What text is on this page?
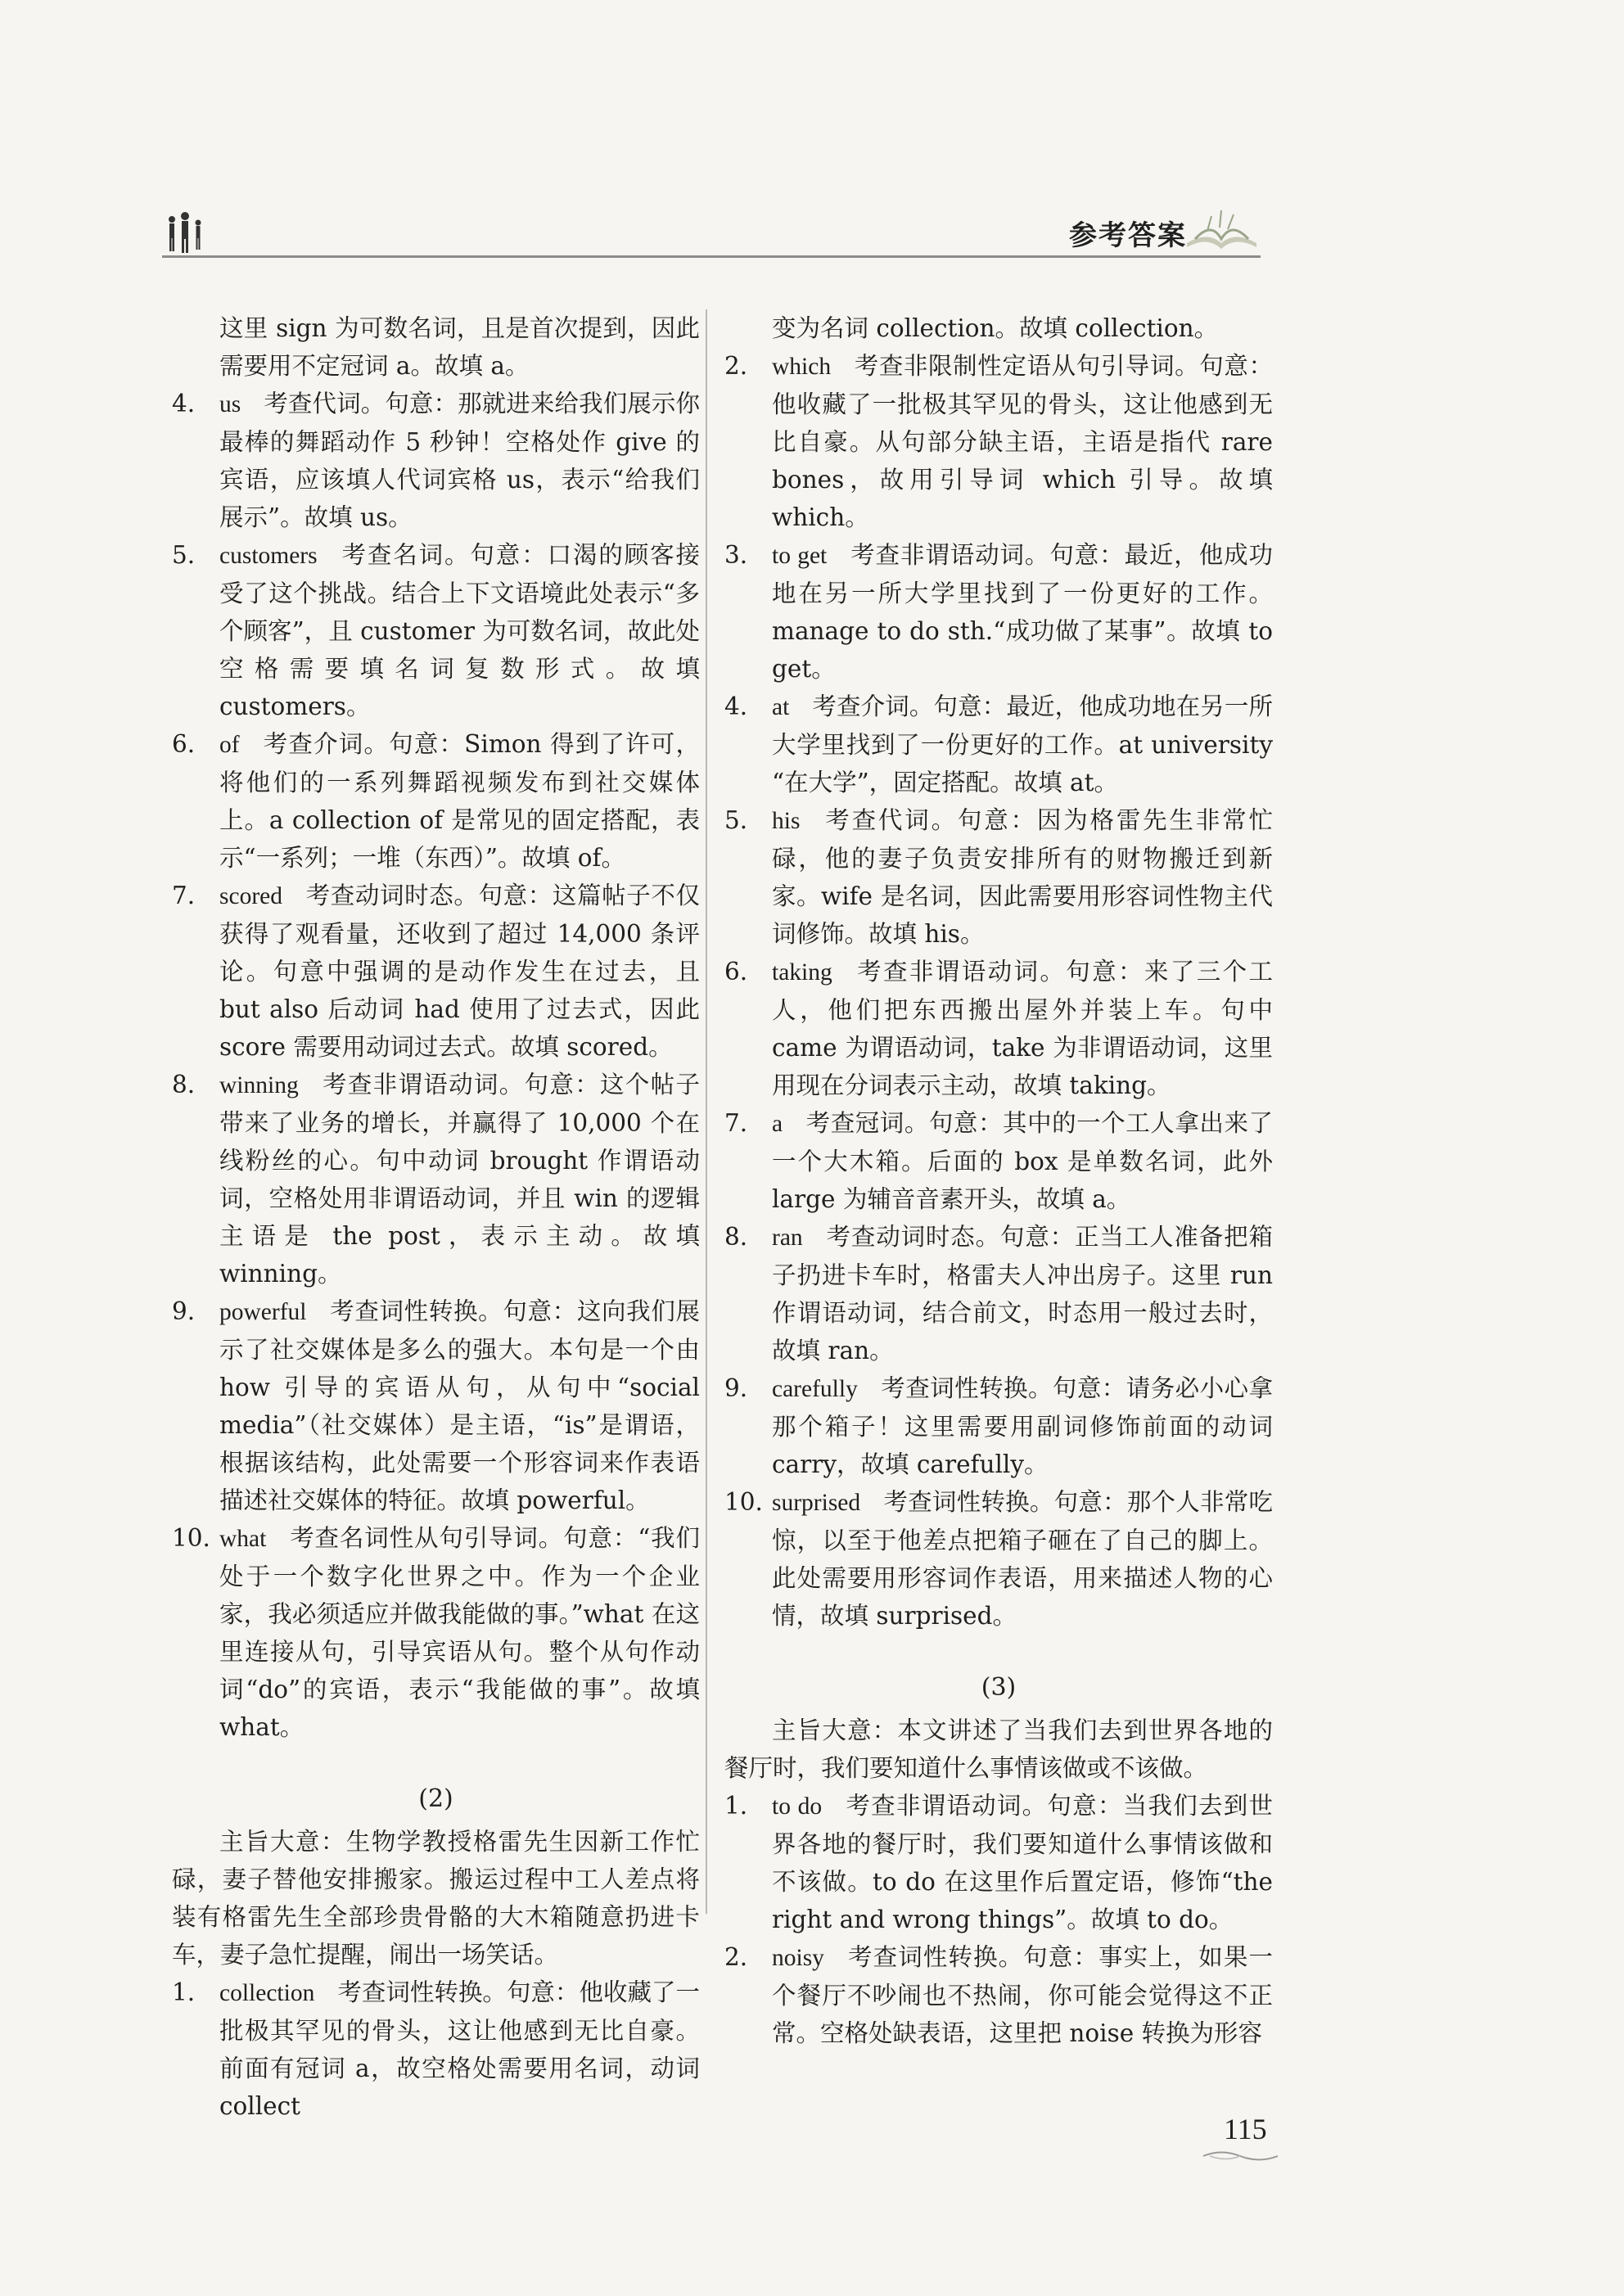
参考答案

这里 sign 为可数名词，且是首次提到，因此需要用不定冠词 a。故填 a。

4. us 考查代词。句意：那就进来给我们展示你最棒的舞蹈动作 5 秒钟！空格处作 give 的宾语，应该填人代词宾格 us，表示“给我们展示”。故填 us。
5. customers 考查名词。句意：口渴的顾客接受了这个挑战。结合上下文语境此处表示“多个顾客”，且 customer 为可数名词，故此处空格需要填名词复数形式。故填 customers。
6. of 考查介词。句意：Simon 得到了许可，将他们的一系列舞蹈视频发布到社交媒体上。a collection of 是常见的固定搭配，表示“一系列；一堆（东西）”。故填 of。
7. scored 考查动词时态。句意：这篇帖子不仅获得了观看量，还收到了超过 14,000 条评论。句意中强调的是动作发生在过去，且 but also 后动词 had 使用了过去式，因此 score 需要用动词过去式。故填 scored。
8. winning 考查非谓语动词。句意：这个帖子带来了业务的增长，并赢得了 10,000 个在线粉丝的心。句中动词 brought 作谓语动词，空格处用非谓语动词，并且 win 的逻辑主语是 the post，表示主动。故填 winning。
9. powerful 考查词性转换。句意：这向我们展示了社交媒体是多么的强大。本句是一个由 how 引导的宾语从句，从句中“social media”（社交媒体）是主语，“is”是谓语，根据该结构，此处需要一个形容词来作表语描述社交媒体的特征。故填 powerful。
10. what 考查名词性从句引导词。句意：“我们处于一个数字化世界之中。作为一个企业家，我必须适应并做我能做的事。”what 在这里连接从句，引导宾语从句。整个从句作动词“do”的宾语，表示“我能做的事”。故填 what。
(2)

主旨大意：生物学教授格雷先生因新工作忙碌，妻子替他安排搬家。搬运过程中工人差点将装有格雷先生全部珍贵骨骼的大木箱随意扔进卡车，妻子急忙提醒，闹出一场笑话。

1. collection 考查词性转换。句意：他收藏了一批极其罕见的骨头，这让他感到无比自豪。前面有冠词 a，故空格处需要用名词，动词 collect

变为名词 collection。故填 collection。

2. which 考查非限制性定语从句引导词。句意：他收藏了一批极其罕见的骨头，这让他感到无比自豪。从句部分缺主语，主语是指代 rare bones，故用引导词 which 引导。故填 which。
3. to get 考查非谓语动词。句意：最近，他成功地在另一所大学里找到了一份更好的工作。manage to do sth.“成功做了某事”。故填 to get。
4. at 考查介词。句意：最近，他成功地在另一所大学里找到了一份更好的工作。at university “在大学”，固定搭配。故填 at。
5. his 考查代词。句意：因为格雷先生非常忙碌，他的妻子负责安排所有的财物搬迁到新家。wife 是名词，因此需要用形容词性物主代词修饰。故填 his。
6. taking 考查非谓语动词。句意：来了三个工人，他们把东西搬出屋外并装上车。句中 came 为谓语动词，take 为非谓语动词，这里用现在分词表示主动，故填 taking。
7. a 考查冠词。句意：其中的一个工人拿出来了一个大木箱。后面的 box 是单数名词，此外 large 为辅音音素开头，故填 a。
8. ran 考查动词时态。句意：正当工人准备把箱子扔进卡车时，格雷夫人冲出房子。这里 run 作谓语动词，结合前文，时态用一般过去时，故填 ran。
9. carefully 考查词性转换。句意：请务必小心拿那个箱子！这里需要用副词修饰前面的动词 carry，故填 carefully。
10. surprised 考查词性转换。句意：那个人非常吃惊，以至于他差点把箱子砸在了自己的脚上。此处需要用形容词作表语，用来描述人物的心情，故填 surprised。
(3)

主旨大意：本文讲述了当我们去到世界各地的餐厅时，我们要知道什么事情该做或不该做。

1. to do 考查非谓语动词。句意：当我们去到世界各地的餐厅时，我们要知道什么事情该做和不该做。to do 在这里作后置定语，修饰“the right and wrong things”。故填 to do。
2. noisy 考查词性转换。句意：事实上，如果一个餐厅不吵闹也不热闹，你可能会觉得这不正常。空格处缺表语，这里把 noise 转换为形容
115
